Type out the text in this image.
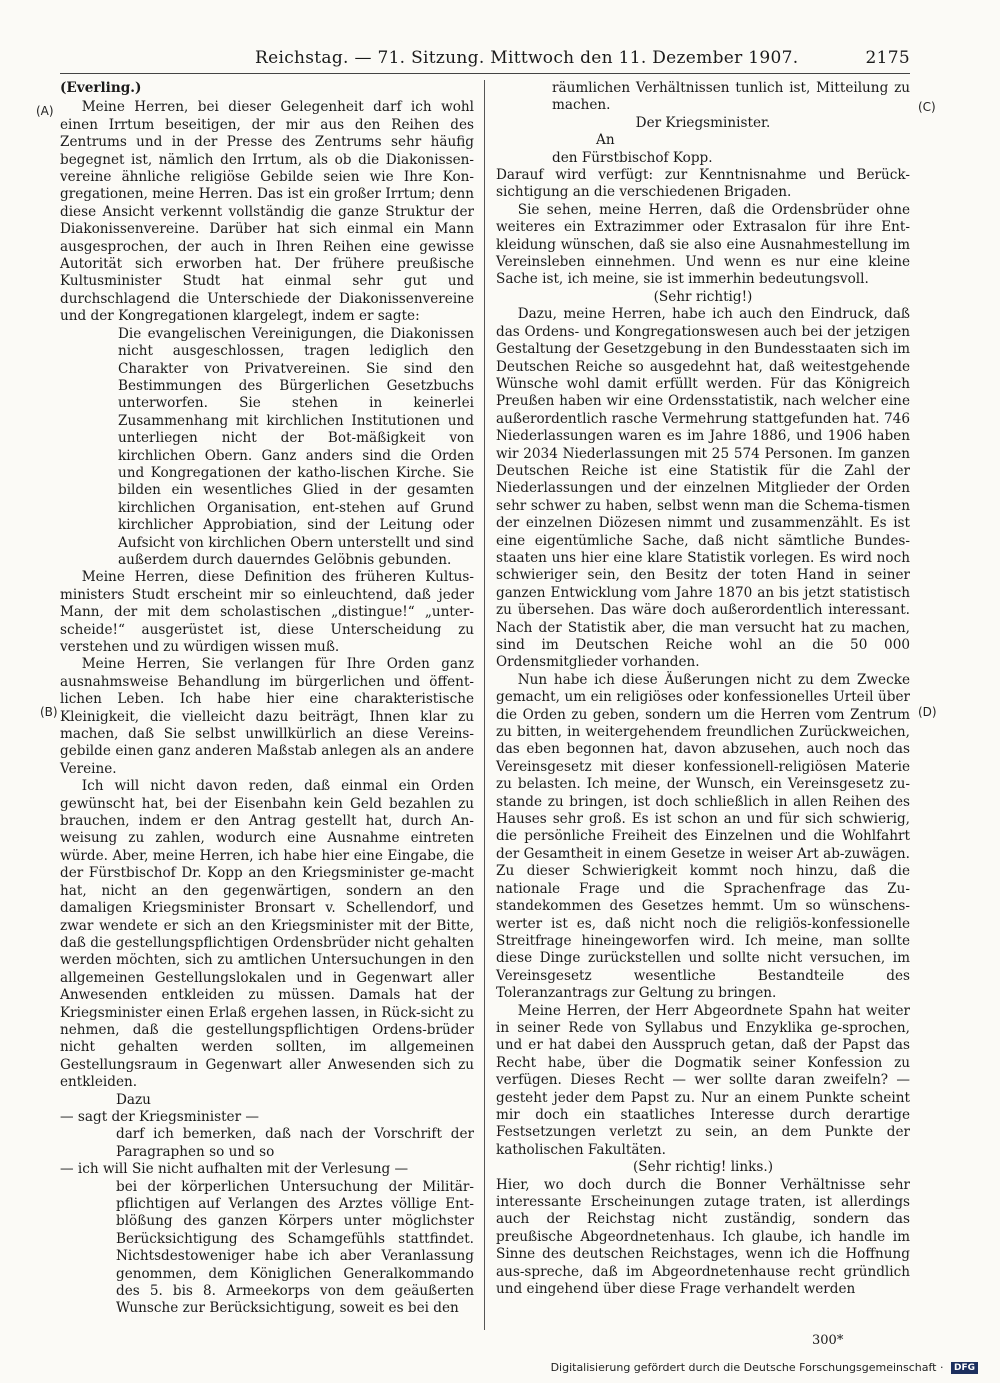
Reichstag. — 71. Sitzung. Mittwoch den 11. Dezember 1907.	2175
(A)
(B)
(C)
(D)

(Everling.)

Meine Herren, bei dieser Gelegenheit darf ich wohl einen Irrtum beseitigen, der mir aus den Reihen des Zentrums und in der Presse des Zentrums sehr häufig begegnet ist, nämlich den Irrtum, als ob die Diakonissen-vereine ähnliche religiöse Gebilde seien wie Ihre Kon-gregationen, meine Herren. Das ist ein großer Irrtum; denn diese Ansicht verkennt vollständig die ganze Struktur der Diakonissenvereine. Darüber hat sich einmal ein Mann ausgesprochen, der auch in Ihren Reihen eine gewisse Autorität sich erworben hat. Der frühere preußische Kultusminister Studt hat einmal sehr gut und durchschlagend die Unterschiede der Diakonissenvereine und der Kongregationen klargelegt, indem er sagte:

Die evangelischen Vereinigungen, die Diakonissen nicht ausgeschlossen, tragen lediglich den Charakter von Privatvereinen. Sie sind den Bestimmungen des Bürgerlichen Gesetzbuchs unterworfen. Sie stehen in keinerlei Zusammenhang mit kirchlichen Institutionen und unterliegen nicht der Bot-mäßigkeit von kirchlichen Obern. Ganz anders sind die Orden und Kongregationen der katho-lischen Kirche. Sie bilden ein wesentliches Glied in der gesamten kirchlichen Organisation, ent-stehen auf Grund kirchlicher Approbiation, sind der Leitung oder Aufsicht von kirchlichen Obern unterstellt und sind außerdem durch dauerndes Gelöbnis gebunden.

Meine Herren, diese Definition des früheren Kultus-ministers Studt erscheint mir so einleuchtend, daß jeder Mann, der mit dem scholastischen „distingue!“ „unter-scheide!“ ausgerüstet ist, diese Unterscheidung zu verstehen und zu würdigen wissen muß.

Meine Herren, Sie verlangen für Ihre Orden ganz ausnahmsweise Behandlung im bürgerlichen und öffent-lichen Leben. Ich habe hier eine charakteristische Kleinigkeit, die vielleicht dazu beiträgt, Ihnen klar zu machen, daß Sie selbst unwillkürlich an diese Vereins-gebilde einen ganz anderen Maßstab anlegen als an andere Vereine.

Ich will nicht davon reden, daß einmal ein Orden gewünscht hat, bei der Eisenbahn kein Geld bezahlen zu brauchen, indem er den Antrag gestellt hat, durch An-weisung zu zahlen, wodurch eine Ausnahme eintreten würde. Aber, meine Herren, ich habe hier eine Eingabe, die der Fürstbischof Dr. Kopp an den Kriegsminister ge-macht hat, nicht an den gegenwärtigen, sondern an den damaligen Kriegsminister Bronsart v. Schellendorf, und zwar wendete er sich an den Kriegsminister mit der Bitte, daß die gestellungspflichtigen Ordensbrüder nicht gehalten werden möchten, sich zu amtlichen Untersuchungen in den allgemeinen Gestellungslokalen und in Gegenwart aller Anwesenden entkleiden zu müssen. Damals hat der Kriegsminister einen Erlaß ergehen lassen, in Rück-sicht zu nehmen, daß die gestellungspflichtigen Ordens-brüder nicht gehalten werden sollten, im allgemeinen Gestellungsraum in Gegenwart aller Anwesenden sich zu entkleiden.

Dazu

— sagt der Kriegsminister —

darf ich bemerken, daß nach der Vorschrift der Paragraphen so und so

— ich will Sie nicht aufhalten mit der Verlesung —

bei der körperlichen Untersuchung der Militär-pflichtigen auf Verlangen des Arztes völlige Ent-blößung des ganzen Körpers unter möglichster Berücksichtigung des Schamgefühls stattfindet. Nichtsdestoweniger habe ich aber Veranlassung genommen, dem Königlichen Generalkommando des 5. bis 8. Armeekorps von dem geäußerten Wunsche zur Berücksichtigung, soweit es bei den

räumlichen Verhältnissen tunlich ist, Mitteilung zu machen.

Der Kriegsminister.

An

den Fürstbischof Kopp.

Darauf wird verfügt: zur Kenntnisnahme und Berück-sichtigung an die verschiedenen Brigaden.

Sie sehen, meine Herren, daß die Ordensbrüder ohne weiteres ein Extrazimmer oder Extrasalon für ihre Ent-kleidung wünschen, daß sie also eine Ausnahmestellung im Vereinsleben einnehmen. Und wenn es nur eine kleine Sache ist, ich meine, sie ist immerhin bedeutungsvoll.

(Sehr richtig!)

Dazu, meine Herren, habe ich auch den Eindruck, daß das Ordens- und Kongregationswesen auch bei der jetzigen Gestaltung der Gesetzgebung in den Bundesstaaten sich im Deutschen Reiche so ausgedehnt hat, daß weitestgehende Wünsche wohl damit erfüllt werden. Für das Königreich Preußen haben wir eine Ordensstatistik, nach welcher eine außerordentlich rasche Vermehrung stattgefunden hat. 746 Niederlassungen waren es im Jahre 1886, und 1906 haben wir 2034 Niederlassungen mit 25 574 Personen. Im ganzen Deutschen Reiche ist eine Statistik für die Zahl der Niederlassungen und der einzelnen Mitglieder der Orden sehr schwer zu haben, selbst wenn man die Schema-tismen der einzelnen Diözesen nimmt und zusammenzählt. Es ist eine eigentümliche Sache, daß nicht sämtliche Bundes-staaten uns hier eine klare Statistik vorlegen. Es wird noch schwieriger sein, den Besitz der toten Hand in seiner ganzen Entwicklung vom Jahre 1870 an bis jetzt statistisch zu übersehen. Das wäre doch außerordentlich interessant. Nach der Statistik aber, die man versucht hat zu machen, sind im Deutschen Reiche wohl an die 50 000 Ordensmitglieder vorhanden.

Nun habe ich diese Äußerungen nicht zu dem Zwecke gemacht, um ein religiöses oder konfessionelles Urteil über die Orden zu geben, sondern um die Herren vom Zentrum zu bitten, in weitergehendem freundlichen Zurückweichen, das eben begonnen hat, davon abzusehen, auch noch das Vereinsgesetz mit dieser konfessionell-religiösen Materie zu belasten. Ich meine, der Wunsch, ein Vereinsgesetz zu-stande zu bringen, ist doch schließlich in allen Reihen des Hauses sehr groß. Es ist schon an und für sich schwierig, die persönliche Freiheit des Einzelnen und die Wohlfahrt der Gesamtheit in einem Gesetze in weiser Art ab-zuwägen. Zu dieser Schwierigkeit kommt noch hinzu, daß die nationale Frage und die Sprachenfrage das Zu-standekommen des Gesetzes hemmt. Um so wünschens-werter ist es, daß nicht noch die religiös-konfessionelle Streitfrage hineingeworfen wird. Ich meine, man sollte diese Dinge zurückstellen und sollte nicht versuchen, im Vereinsgesetz wesentliche Bestandteile des Toleranzantrags zur Geltung zu bringen.

Meine Herren, der Herr Abgeordnete Spahn hat weiter in seiner Rede von Syllabus und Enzyklika ge-sprochen, und er hat dabei den Ausspruch getan, daß der Papst das Recht habe, über die Dogmatik seiner Konfession zu verfügen. Dieses Recht — wer sollte daran zweifeln? — gesteht jeder dem Papst zu. Nur an einem Punkte scheint mir doch ein staatliches Interesse durch derartige Festsetzungen verletzt zu sein, an dem Punkte der katholischen Fakultäten.

(Sehr richtig! links.)

Hier, wo doch durch die Bonner Verhältnisse sehr interessante Erscheinungen zutage traten, ist allerdings auch der Reichstag nicht zuständig, sondern das preußische Abgeordnetenhaus. Ich glaube, ich handle im Sinne des deutschen Reichstages, wenn ich die Hoffnung aus-spreche, daß im Abgeordnetenhause recht gründlich und eingehend über diese Frage verhandelt werden

300*
Digitalisierung gefördert durch die Deutsche Forschungsgemeinschaft · DFG
